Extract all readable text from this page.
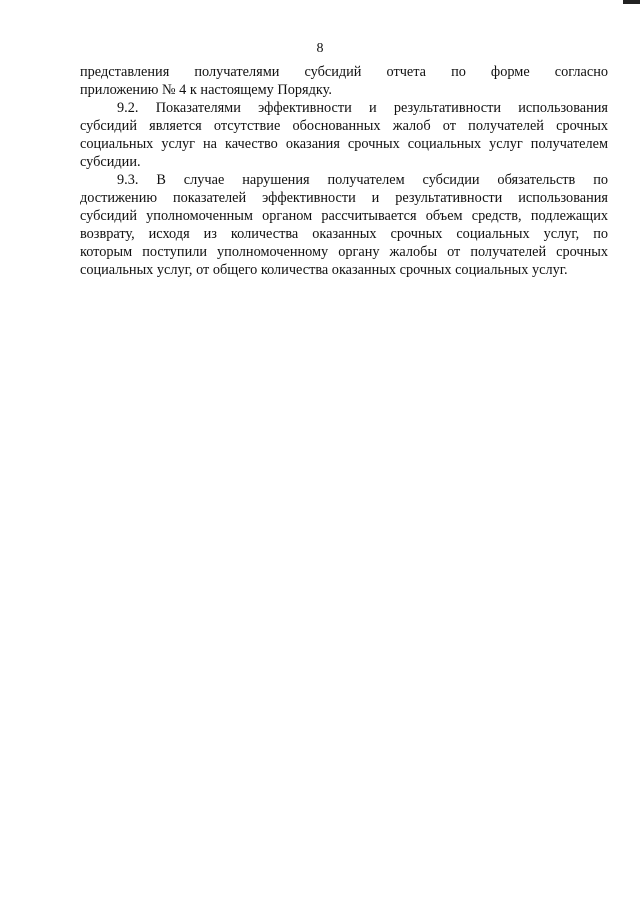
8
представления получателями субсидий отчета по форме согласно
приложению № 4 к настоящему Порядку.
9.2. Показателями эффективности и результативности использования
субсидий является отсутствие обоснованных жалоб от получателей срочных
социальных услуг на качество оказания срочных социальных услуг получателем
субсидии.
9.3. В случае нарушения получателем субсидии обязательств по
достижению показателей эффективности и результативности использования
субсидий уполномоченным органом рассчитывается объем средств, подлежащих
возврату, исходя из количества оказанных срочных социальных услуг, по
которым поступили уполномоченному органу жалобы от получателей срочных
социальных услуг, от общего количества оказанных срочных социальных услуг.
